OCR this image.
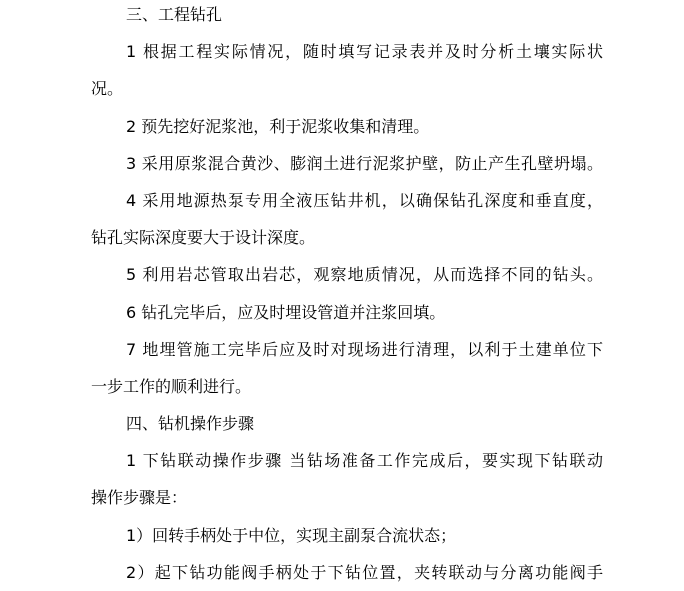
三、工程钻孔
1 根据工程实际情况，随时填写记录表并及时分析土壤实际状
况。
2 预先挖好泥浆池，利于泥浆收集和清理。
3 采用原浆混合黄沙、膨润土进行泥浆护壁，防止产生孔壁坍塌。
4 采用地源热泵专用全液压钻井机，以确保钻孔深度和垂直度，
钻孔实际深度要大于设计深度。
5 利用岩芯管取出岩芯，观察地质情况，从而选择不同的钻头。
6 钻孔完毕后，应及时埋设管道并注浆回填。
7 地埋管施工完毕后应及时对现场进行清理，以利于土建单位下
一步工作的顺利进行。
四、钻机操作步骤
1 下钻联动操作步骤 当钻场准备工作完成后，要实现下钻联动
操作步骤是：
1）回转手柄处于中位，实现主副泵合流状态；
2）起下钻功能阀手柄处于下钻位置，夹转联动与分离功能阀手
